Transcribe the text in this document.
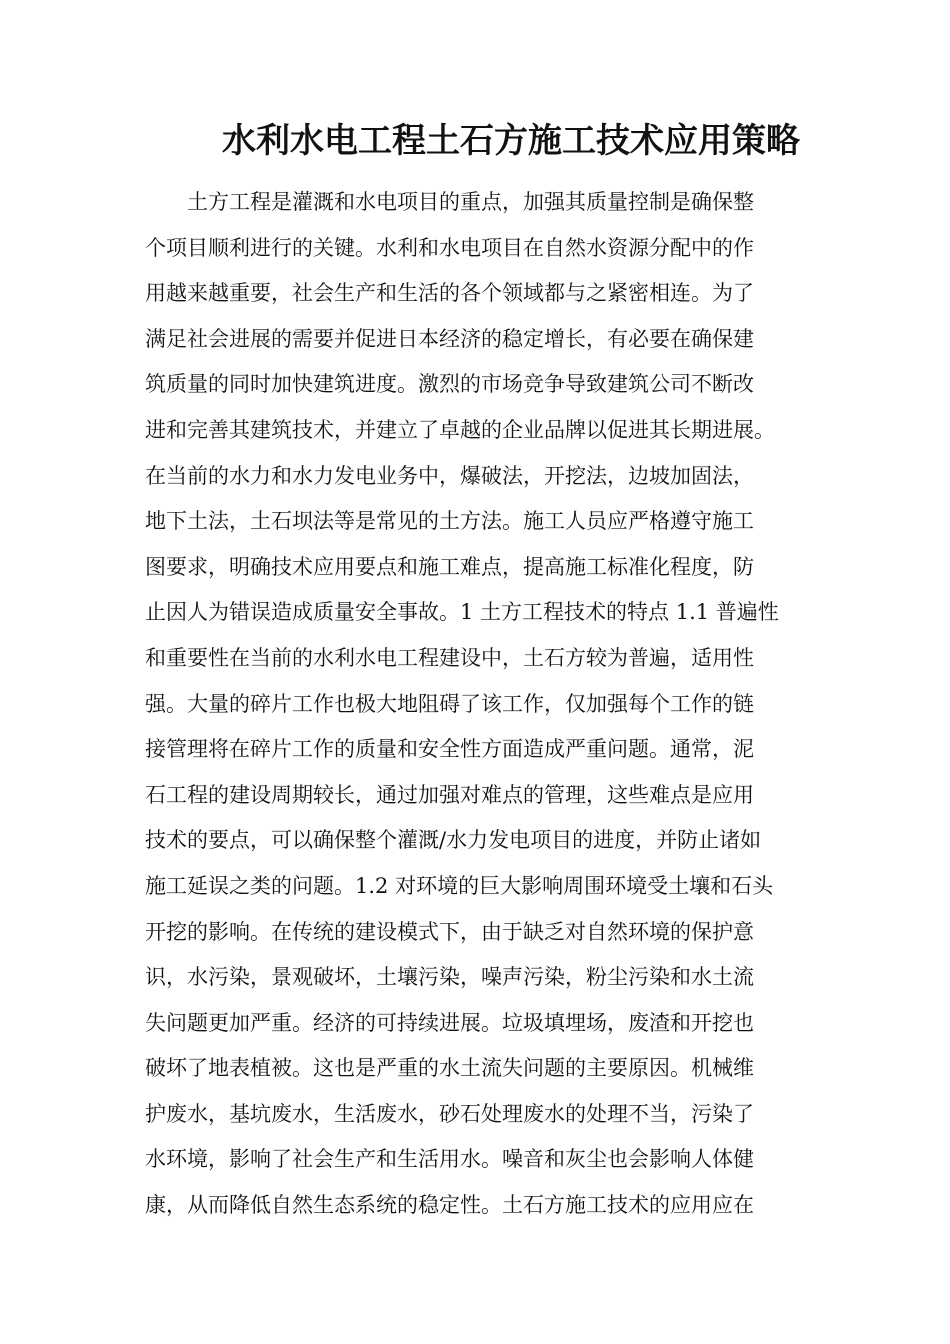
水利水电工程土石方施工技术应用策略
　　土方工程是灌溉和水电项目的重点，加强其质量控制是确保整
个项目顺利进行的关键。水利和水电项目在自然水资源分配中的作
用越来越重要，社会生产和生活的各个领域都与之紧密相连。为了
满足社会进展的需要并促进日本经济的稳定增长，有必要在确保建
筑质量的同时加快建筑进度。激烈的市场竞争导致建筑公司不断改
进和完善其建筑技术，并建立了卓越的企业品牌以促进其长期进展。
在当前的水力和水力发电业务中，爆破法，开挖法，边坡加固法，
地下土法，土石坝法等是常见的土方法。施工人员应严格遵守施工
图要求，明确技术应用要点和施工难点，提高施工标准化程度，防
止因人为错误造成质量安全事故。1 土方工程技术的特点 1.1 普遍性
和重要性在当前的水利水电工程建设中，土石方较为普遍，适用性
强。大量的碎片工作也极大地阻碍了该工作，仅加强每个工作的链
接管理将在碎片工作的质量和安全性方面造成严重问题。通常，泥
石工程的建设周期较长，通过加强对难点的管理，这些难点是应用
技术的要点，可以确保整个灌溉/水力发电项目的进度，并防止诸如
施工延误之类的问题。1.2 对环境的巨大影响周围环境受土壤和石头
开挖的影响。在传统的建设模式下，由于缺乏对自然环境的保护意
识，水污染，景观破坏，土壤污染，噪声污染，粉尘污染和水土流
失问题更加严重。经济的可持续进展。垃圾填埋场，废渣和开挖也
破坏了地表植被。这也是严重的水土流失问题的主要原因。机械维
护废水，基坑废水，生活废水，砂石处理废水的处理不当，污染了
水环境，影响了社会生产和生活用水。噪音和灰尘也会影响人体健
康，从而降低自然生态系统的稳定性。土石方施工技术的应用应在
